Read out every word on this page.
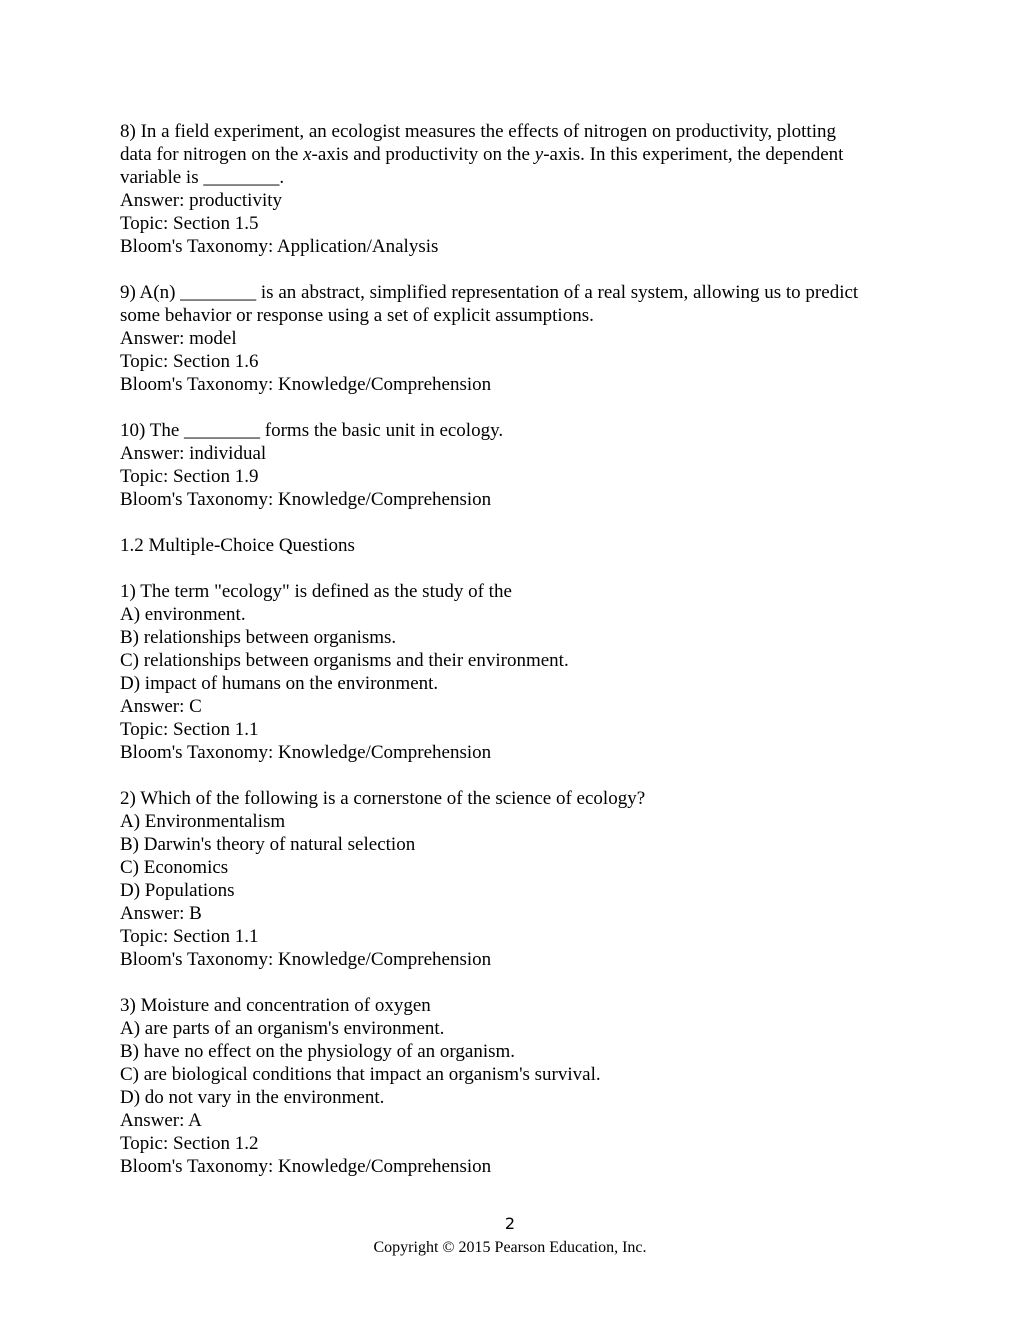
8) In a field experiment, an ecologist measures the effects of nitrogen on productivity, plotting
data for nitrogen on the x-axis and productivity on the y-axis. In this experiment, the dependent
variable is ________.
Answer: productivity
Topic: Section 1.5
Bloom's Taxonomy: Application/Analysis
9) A(n) ________ is an abstract, simplified representation of a real system, allowing us to predict
some behavior or response using a set of explicit assumptions.
Answer: model
Topic: Section 1.6
Bloom's Taxonomy: Knowledge/Comprehension
10) The ________ forms the basic unit in ecology.
Answer: individual
Topic: Section 1.9
Bloom's Taxonomy: Knowledge/Comprehension
1.2 Multiple-Choice Questions
1) The term "ecology" is defined as the study of the
A) environment.
B) relationships between organisms.
C) relationships between organisms and their environment.
D) impact of humans on the environment.
Answer: C
Topic: Section 1.1
Bloom's Taxonomy: Knowledge/Comprehension
2) Which of the following is a cornerstone of the science of ecology?
A) Environmentalism
B) Darwin's theory of natural selection
C) Economics
D) Populations
Answer: B
Topic: Section 1.1
Bloom's Taxonomy: Knowledge/Comprehension
3) Moisture and concentration of oxygen
A) are parts of an organism's environment.
B) have no effect on the physiology of an organism.
C) are biological conditions that impact an organism's survival.
D) do not vary in the environment.
Answer: A
Topic: Section 1.2
Bloom's Taxonomy: Knowledge/Comprehension
2
Copyright © 2015 Pearson Education, Inc.
